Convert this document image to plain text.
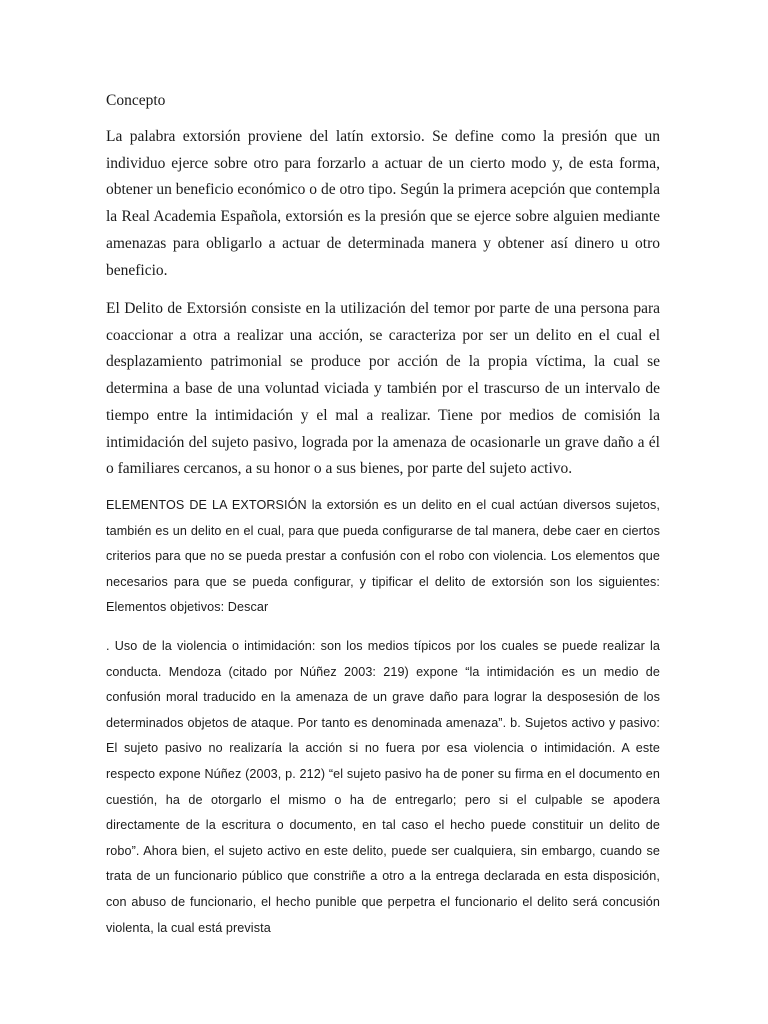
Concepto

La palabra extorsión proviene del latín extorsio. Se define como la presión que un individuo ejerce sobre otro para forzarlo a actuar de un cierto modo y, de esta forma, obtener un beneficio económico o de otro tipo. Según la primera acepción que contempla la Real Academia Española, extorsión es la presión que se ejerce sobre alguien mediante amenazas para obligarlo a actuar de determinada manera y obtener así dinero u otro beneficio.

El Delito de Extorsión consiste en la utilización del temor por parte de una persona para coaccionar a otra a realizar una acción, se caracteriza por ser un delito en el cual el desplazamiento patrimonial se produce por acción de la propia víctima, la cual se determina a base de una voluntad viciada y también por el trascurso de un intervalo de tiempo entre la intimidación y el mal a realizar. Tiene por medios de comisión la intimidación del sujeto pasivo, lograda por la amenaza de ocasionarle un grave daño a él o familiares cercanos, a su honor o a sus bienes, por parte del sujeto activo.

ELEMENTOS DE LA EXTORSIÓN la extorsión es un delito en el cual actúan diversos sujetos, también es un delito en el cual, para que pueda configurarse de tal manera, debe caer en ciertos criterios para que no se pueda prestar a confusión con el robo con violencia. Los elementos que necesarios para que se pueda configurar, y tipificar el delito de extorsión son los siguientes: Elementos objetivos: Descar

. Uso de la violencia o intimidación: son los medios típicos por los cuales se puede realizar la conducta. Mendoza (citado por Núñez 2003: 219) expone “la intimidación es un medio de confusión moral traducido en la amenaza de un grave daño para lograr la desposesión de los determinados objetos de ataque. Por tanto es denominada amenaza”. b. Sujetos activo y pasivo: El sujeto pasivo no realizaría la acción si no fuera por esa violencia o intimidación. A este respecto expone Núñez (2003, p. 212) “el sujeto pasivo ha de poner su firma en el documento en cuestión, ha de otorgarlo el mismo o ha de entregarlo; pero si el culpable se apodera directamente de la escritura o documento, en tal caso el hecho puede constituir un delito de robo”. Ahora bien, el sujeto activo en este delito, puede ser cualquiera, sin embargo, cuando se trata de un funcionario público que constriñe a otro a la entrega declarada en esta disposición, con abuso de funcionario, el hecho punible que perpetra el funcionario el delito será concusión violenta, la cual está prevista
